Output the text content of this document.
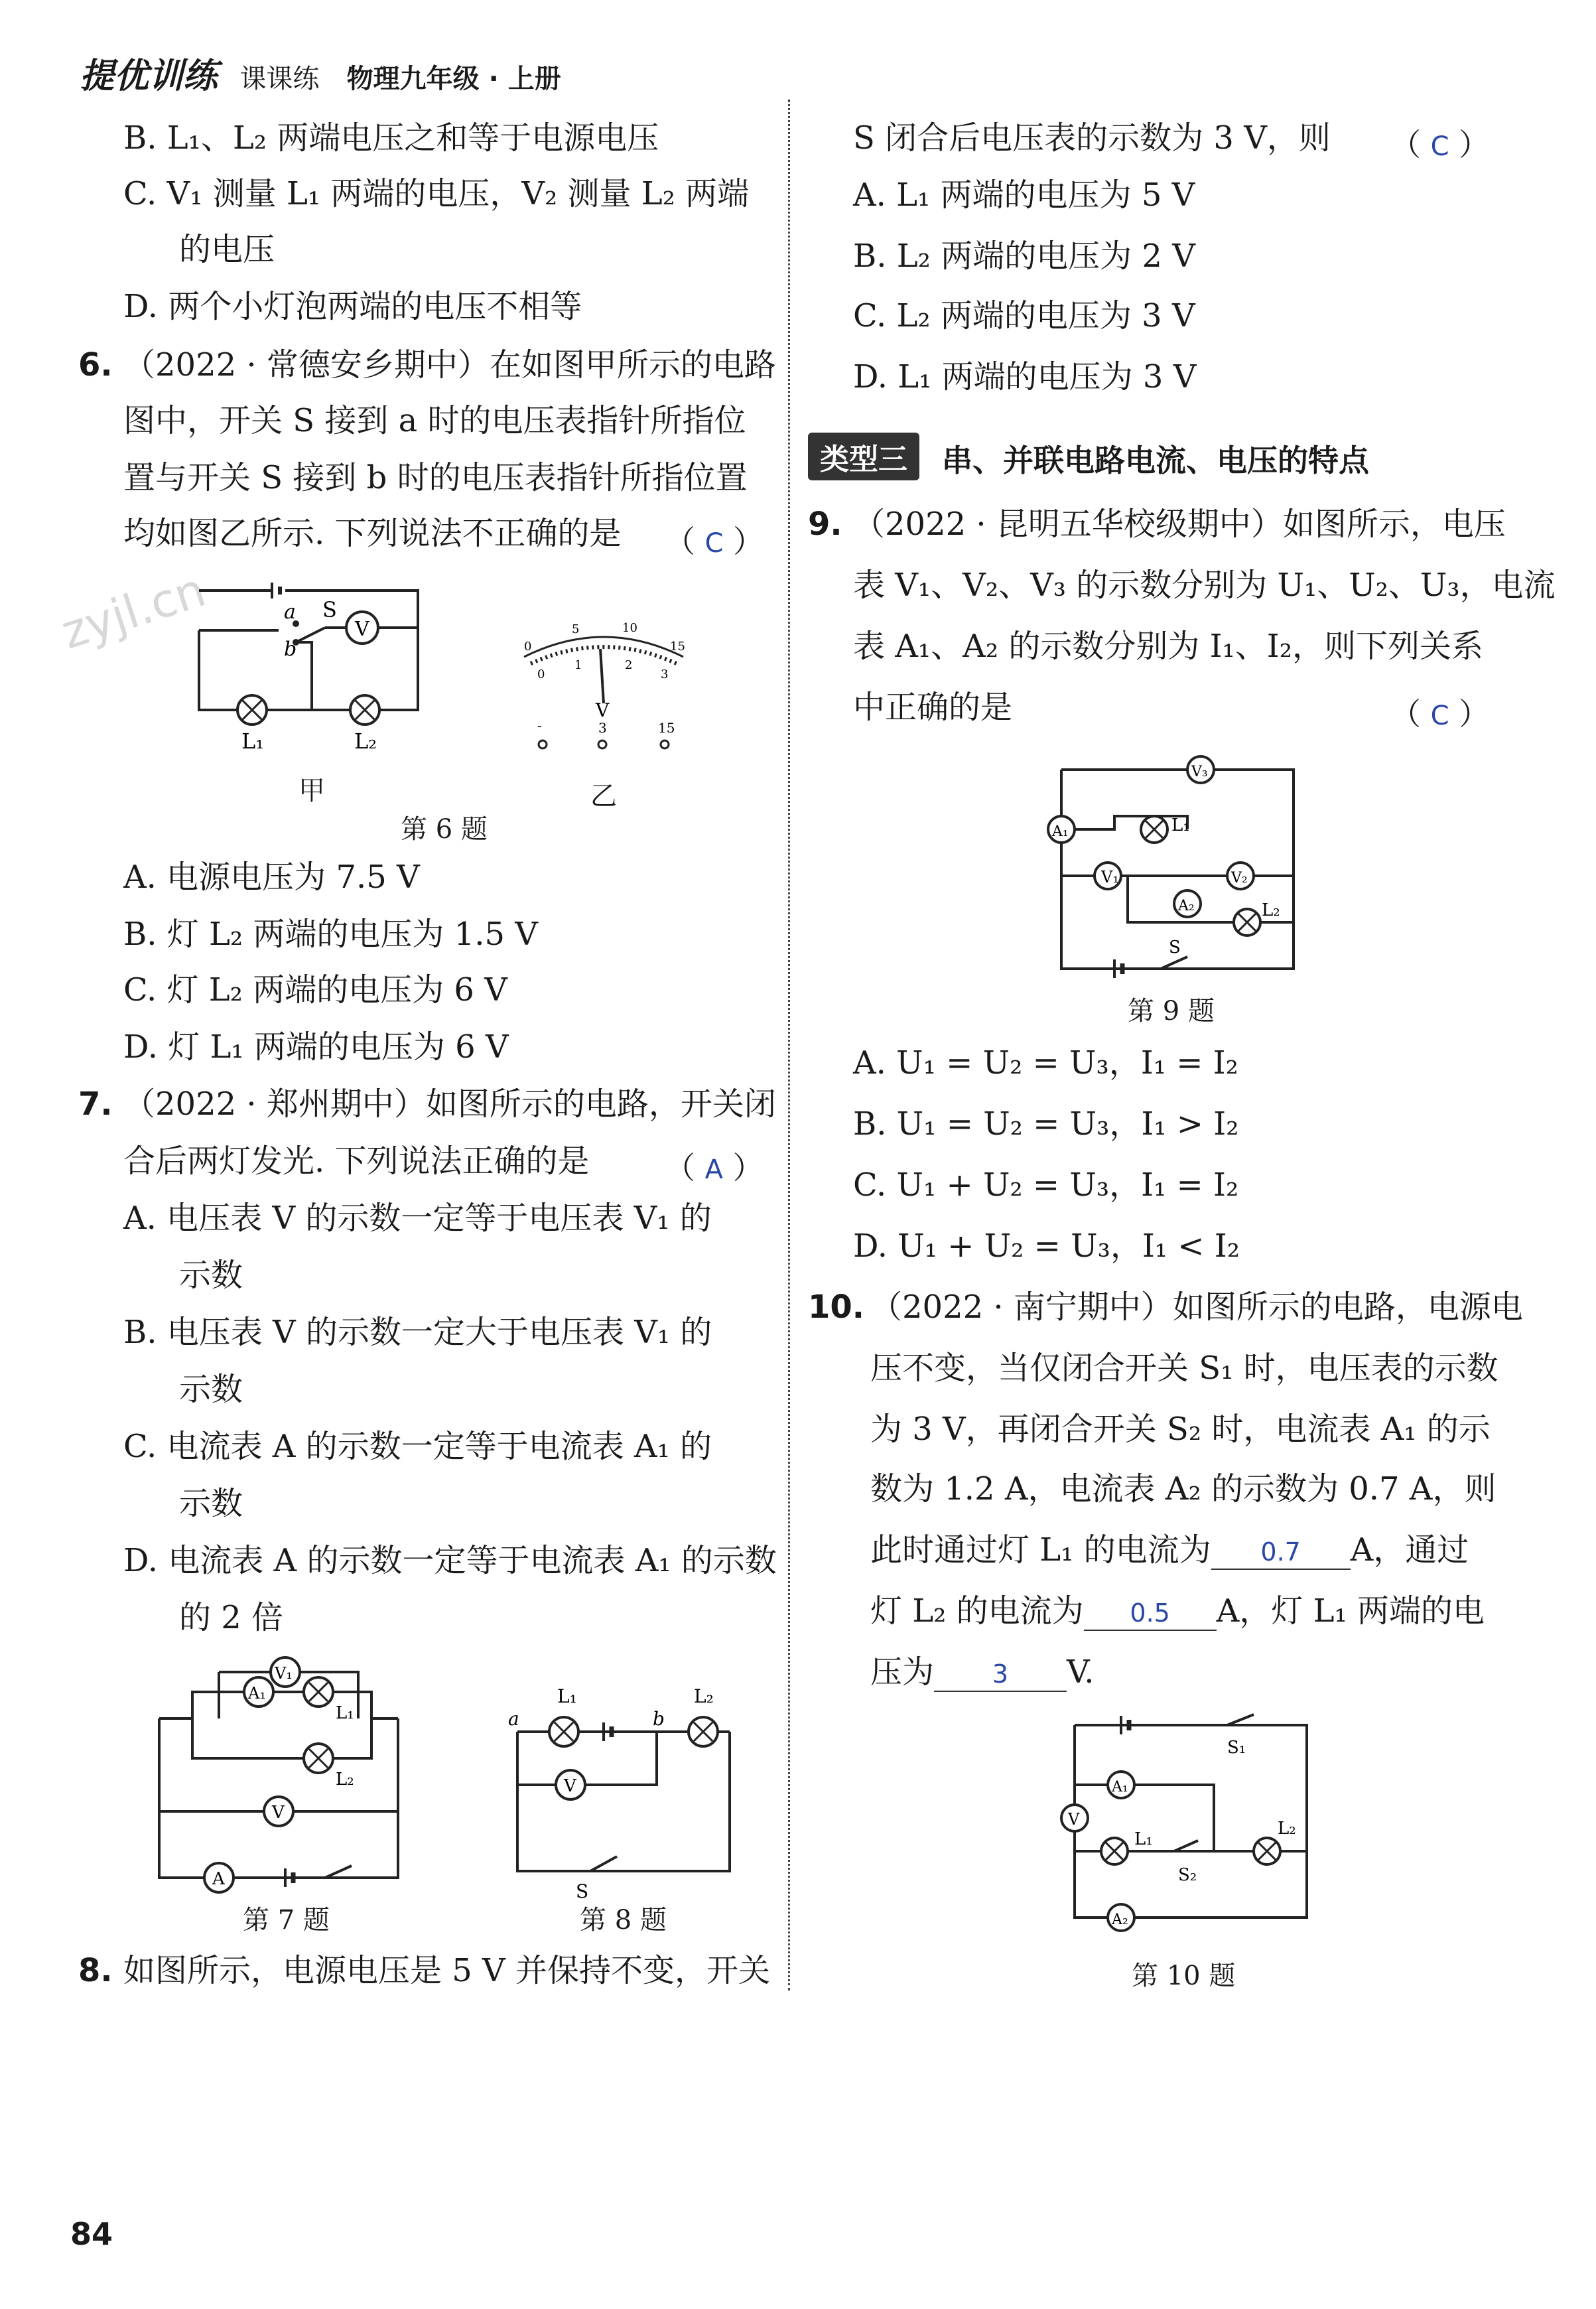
提优训练 课课练 物理九年级 · 上册
zyjl.cn
B. L₁、L₂ 两端电压之和等于电源电压
C. V₁ 测量 L₁ 两端的电压，V₂ 测量 L₂ 两端
的电压
D. 两个小灯泡两端的电压不相等
6. （2022 · 常德安乡期中）在如图甲所示的电路
图中，开关 S 接到 a 时的电压表指针所指位
置与开关 S 接到 b 时的电压表指针所指位置
均如图乙所示. 下列说法不正确的是 （ C ）
V
a
b
S
L₁	L₂
甲
0
5	10
15
0
1	2
3
V
-	3	15
乙
第 6 题
A. 电源电压为 7.5 V
B. 灯 L₂ 两端的电压为 1.5 V
C. 灯 L₂ 两端的电压为 6 V
D. 灯 L₁ 两端的电压为 6 V
7. （2022 · 郑州期中）如图所示的电路，开关闭
合后两灯发光. 下列说法正确的是 （ A ）
A. 电压表 V 的示数一定等于电压表 V₁ 的
示数
B. 电压表 V 的示数一定大于电压表 V₁ 的
示数
C. 电流表 A 的示数一定等于电流表 A₁ 的
示数
D. 电流表 A 的示数一定等于电流表 A₁ 的示数
的 2 倍
V₁
A₁
L₁
L₂
V
A
第 7 题
V
L₁	L₂
a	b
S
第 8 题
8. 如图所示，电源电压是 5 V 并保持不变，开关
S 闭合后电压表的示数为 3 V，则 （ C ）
A. L₁ 两端的电压为 5 V
B. L₂ 两端的电压为 2 V
C. L₂ 两端的电压为 3 V
D. L₁ 两端的电压为 3 V
类型三	串、并联电路电流、电压的特点
9. （2022 · 昆明五华校级期中）如图所示，电压
表 V₁、V₂、V₃ 的示数分别为 U₁、U₂、U₃，电流
表 A₁、A₂ 的示数分别为 I₁、I₂，则下列关系
中正确的是	（ C ）
V₃
A₁	L₁
V₁	V₂
A₂	L₂
S
第 9 题
A. U₁ = U₂ = U₃，I₁ = I₂
B. U₁ = U₂ = U₃，I₁ > I₂
C. U₁ + U₂ = U₃，I₁ = I₂
D. U₁ + U₂ = U₃，I₁ < I₂
10. （2022 · 南宁期中）如图所示的电路，电源电
压不变，当仅闭合开关 S₁ 时，电压表的示数
为 3 V，再闭合开关 S₂ 时，电流表 A₁ 的示
数为 1.2 A，电流表 A₂ 的示数为 0.7 A，则
此时通过灯 L₁ 的电流为 0.7 A，通过
灯 L₂ 的电流为 0.5 A，灯 L₁ 两端的电
压为 3 V.
S₁
A₁
V
L₁
S₂
L₂
A₂
第 10 题
84
